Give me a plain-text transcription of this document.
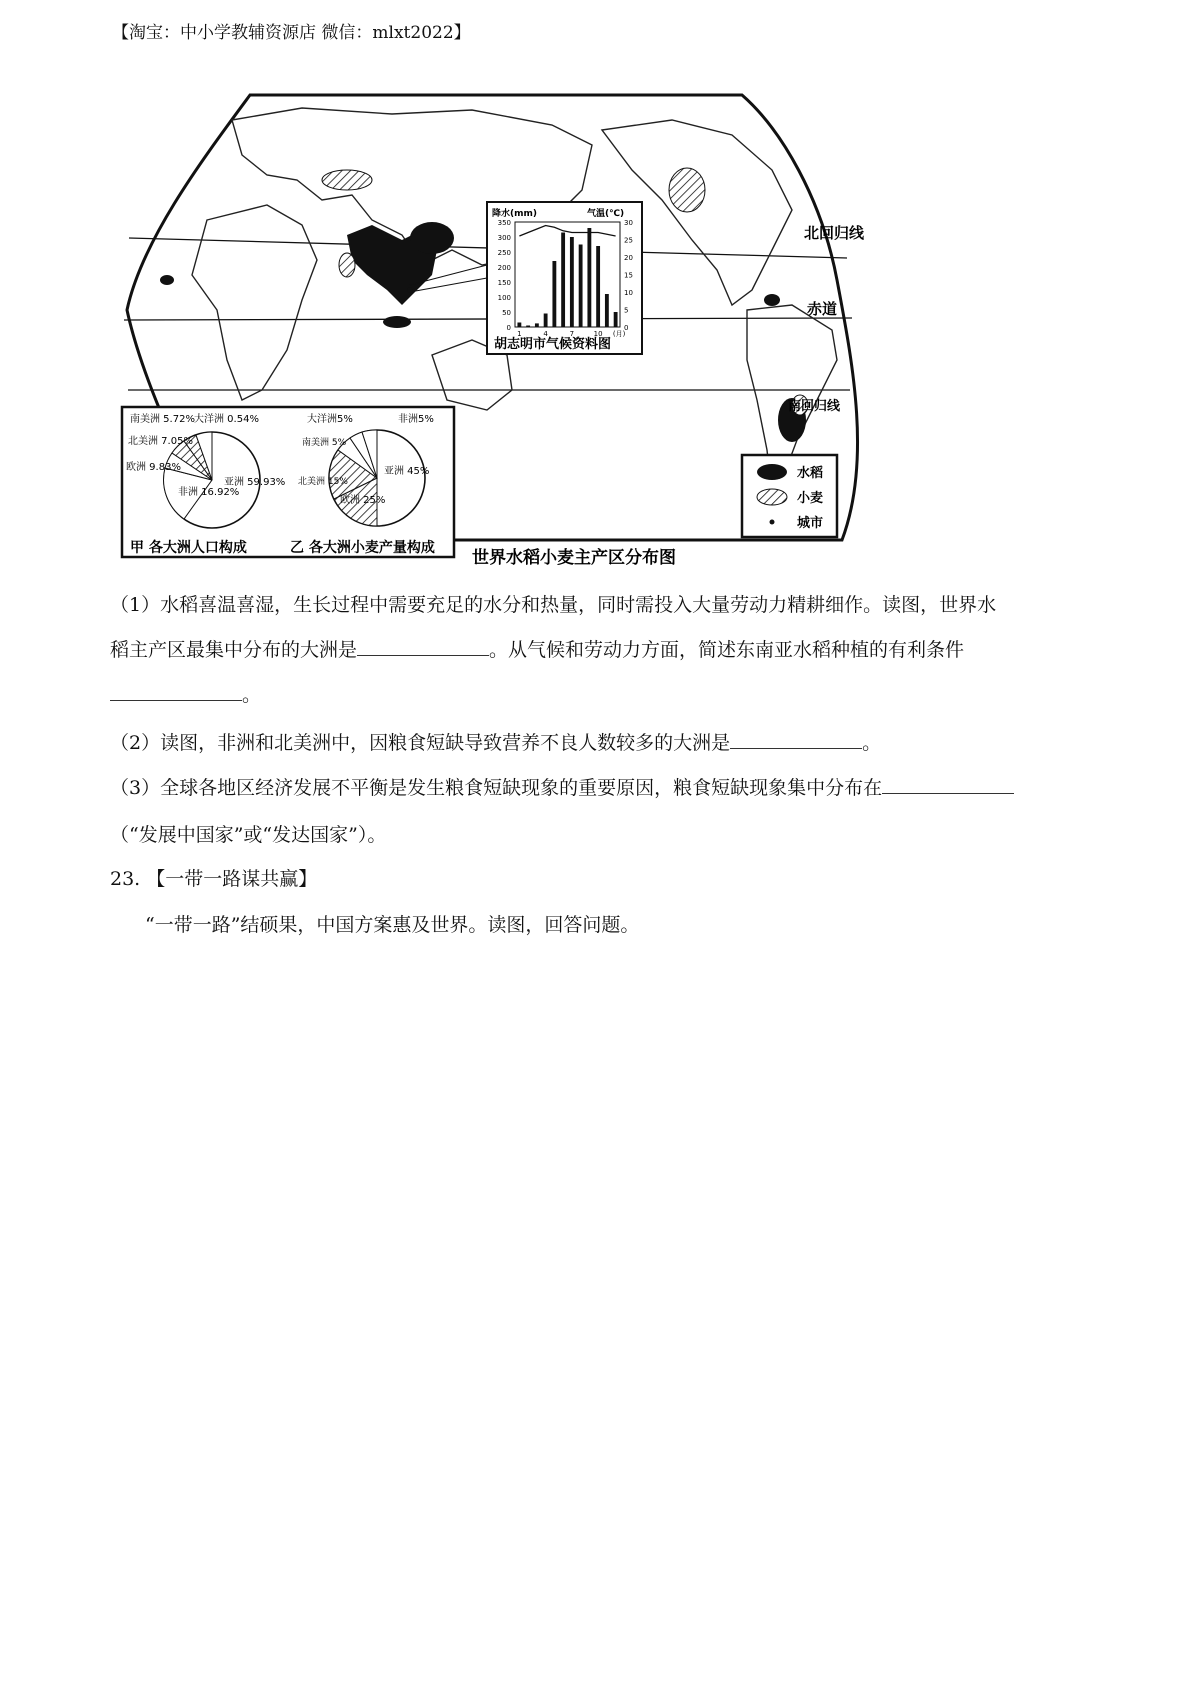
【淘宝：中小学教辅资源店 微信：mlxt2022】
北回归线
赤道
南回归线
降水(mm)	气温(℃)
350
300
250
200
150
100
50
0
30
25
20
15
10
5
0
1	4	7	10 (月)
胡志明市气候资料图
南美洲 5.72% 大洋洲 0.54%
北美洲 7.05%
欧洲 9.83%
非洲 16.92%
亚洲 59.93%
甲 各大洲人口构成
大洋洲5%	非洲5%
南美洲 5%
北美洲 15%
欧洲 25%
亚洲 45%
乙 各大洲小麦产量构成
水稻
小麦
城市
世界水稻小麦主产区分布图
（1）水稻喜温喜湿，生长过程中需要充足的水分和热量，同时需投入大量劳动力精耕细作。读图，世界水
稻主产区最集中分布的大洲是	。从气候和劳动力方面，简述东南亚水稻种植的有利条件
。
（2）读图，非洲和北美洲中，因粮食短缺导致营养不良人数较多的大洲是	。
（3）全球各地区经济发展不平衡是发生粮食短缺现象的重要原因，粮食短缺现象集中分布在
（“发展中国家”或“发达国家”）。
23. 【一带一路谋共赢】
“一带一路”结硕果，中国方案惠及世界。读图，回答问题。
